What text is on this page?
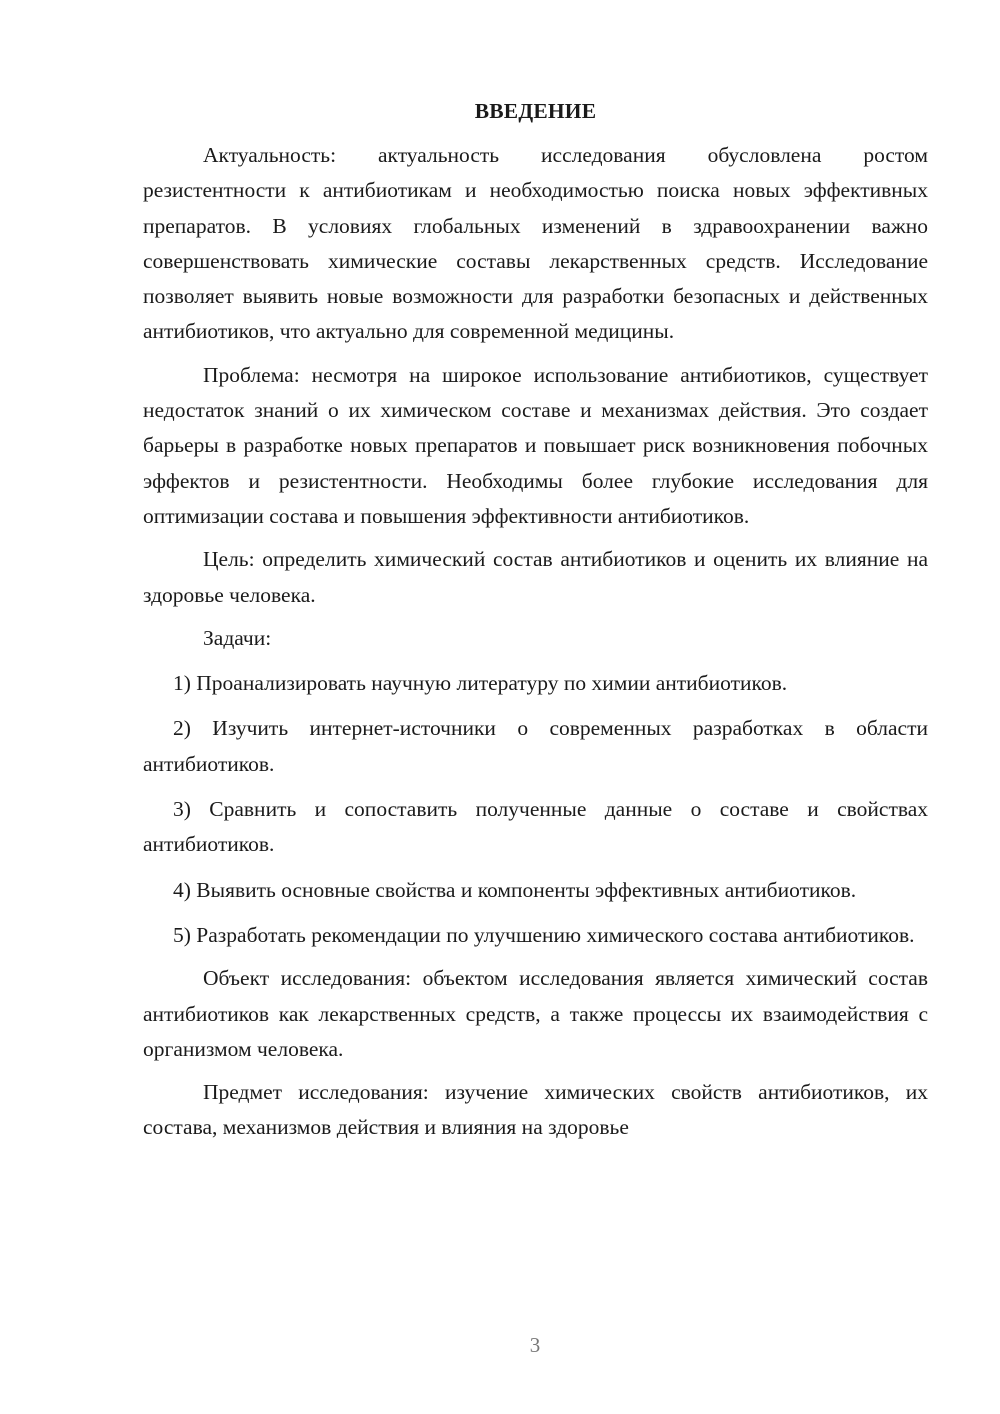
ВВЕДЕНИЕ

Актуальность: актуальность исследования обусловлена ростом резистентности к антибиотикам и необходимостью поиска новых эффективных препаратов. В условиях глобальных изменений в здравоохранении важно совершенствовать химические составы лекарственных средств. Исследование позволяет выявить новые возможности для разработки безопасных и действенных антибиотиков, что актуально для современной медицины.

Проблема: несмотря на широкое использование антибиотиков, существует недостаток знаний о их химическом составе и механизмах действия. Это создает барьеры в разработке новых препаратов и повышает риск возникновения побочных эффектов и резистентности. Необходимы более глубокие исследования для оптимизации состава и повышения эффективности антибиотиков.

Цель: определить химический состав антибиотиков и оценить их влияние на здоровье человека.

Задачи:

1) Проанализировать научную литературу по химии антибиотиков.

2) Изучить интернет-источники о современных разработках в области антибиотиков.

3) Сравнить и сопоставить полученные данные о составе и свойствах антибиотиков.

4) Выявить основные свойства и компоненты эффективных антибиотиков.

5) Разработать рекомендации по улучшению химического состава антибиотиков.

Объект исследования: объектом исследования является химический состав антибиотиков как лекарственных средств, а также процессы их взаимодействия с организмом человека.

Предмет исследования: изучение химических свойств антибиотиков, их состава, механизмов действия и влияния на здоровье

3
